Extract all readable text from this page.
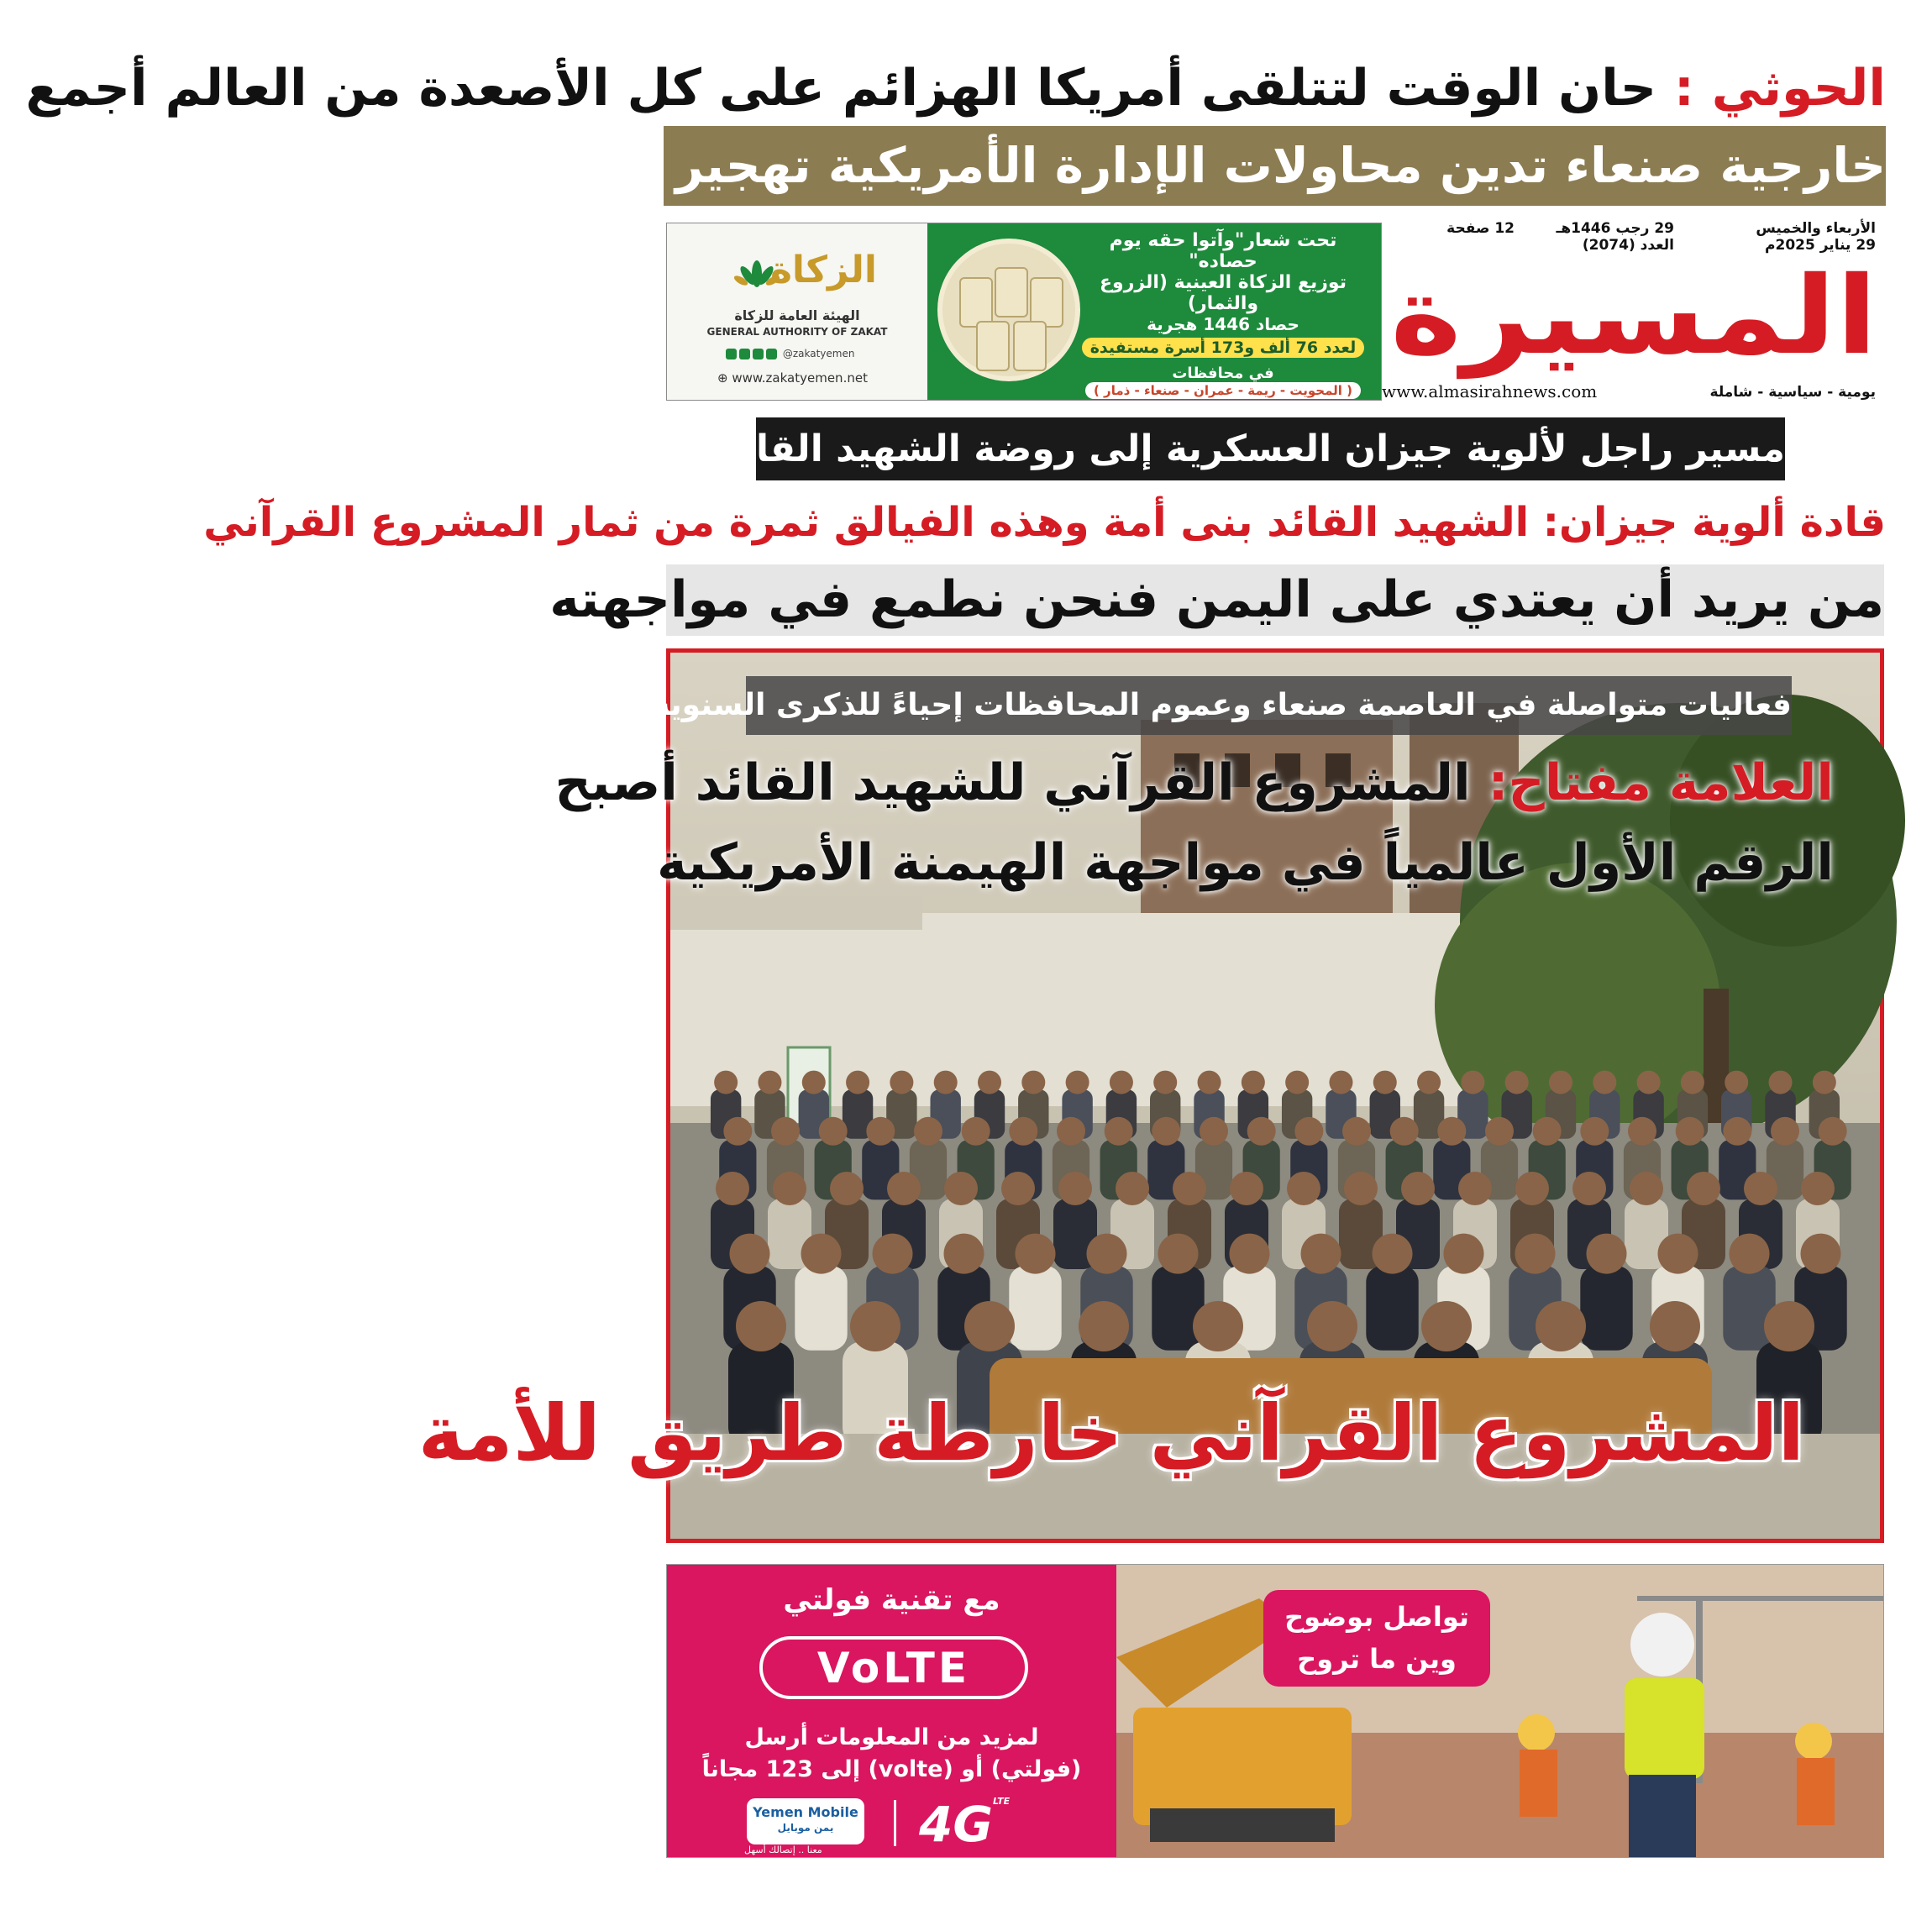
الحوثي : حان الوقت لتتلقى أمريكا الهزائم على كل الأصعدة من العالم أجمع
خارجية صنعاء تدين محاولات الإدارة الأمريكية تهجير الفلسطينيين من قطاع غزة
الزكاة
الهيئة العامة للزكاة
GENERAL AUTHORITY OF ZAKAT
@zakatyemen
⊕ www.zakatyemen.net
تحت شعار"وآتوا حقه يوم حصاده"
توزيع الزكاة العينية (الزروع والثمار)
حصاد 1446 هجرية
لعدد 76 ألف و173 أسرة مستفيدة
في محافظات
( المحويت - ريمة - عمران - صنعاء - ذمار )
الأربعاء والخميس
29 يناير 2025م
29 رجب 1446هـ
العدد (2074)
12 صفحة
المسيرة
يومية - سياسية - شاملة
www.almasirahnews.com
مسير راجل لألوية جيزان العسكرية إلى روضة الشهيد القائد في مران
قادة ألوية جيزان: الشهيد القائد بنى أمة وهذه الفيالق ثمرة من ثمار المشروع القرآني
من يريد أن يعتدي على اليمن فنحن نطمع في مواجهته
فعاليات متواصلة في العاصمة صنعاء وعموم المحافظات إحياءً للذكرى السنوية للشهيد القائد
العلامة مفتاح: المشروع القرآني للشهيد القائد أصبح
الرقم الأول عالمياً في مواجهة الهيمنة الأمريكية
المشروع القرآني خارطة طريق للأمة
مع تقنية فولتي
VoLTE
لمزيد من المعلومات أرسل
(فولتي) أو (volte) إلى 123 مجاناً
Yemen Mobile
يمن موبايل
معنا .. إتصالك أسهل $4G^{LTE}$
تواصل بوضوح
وين ما تروح
